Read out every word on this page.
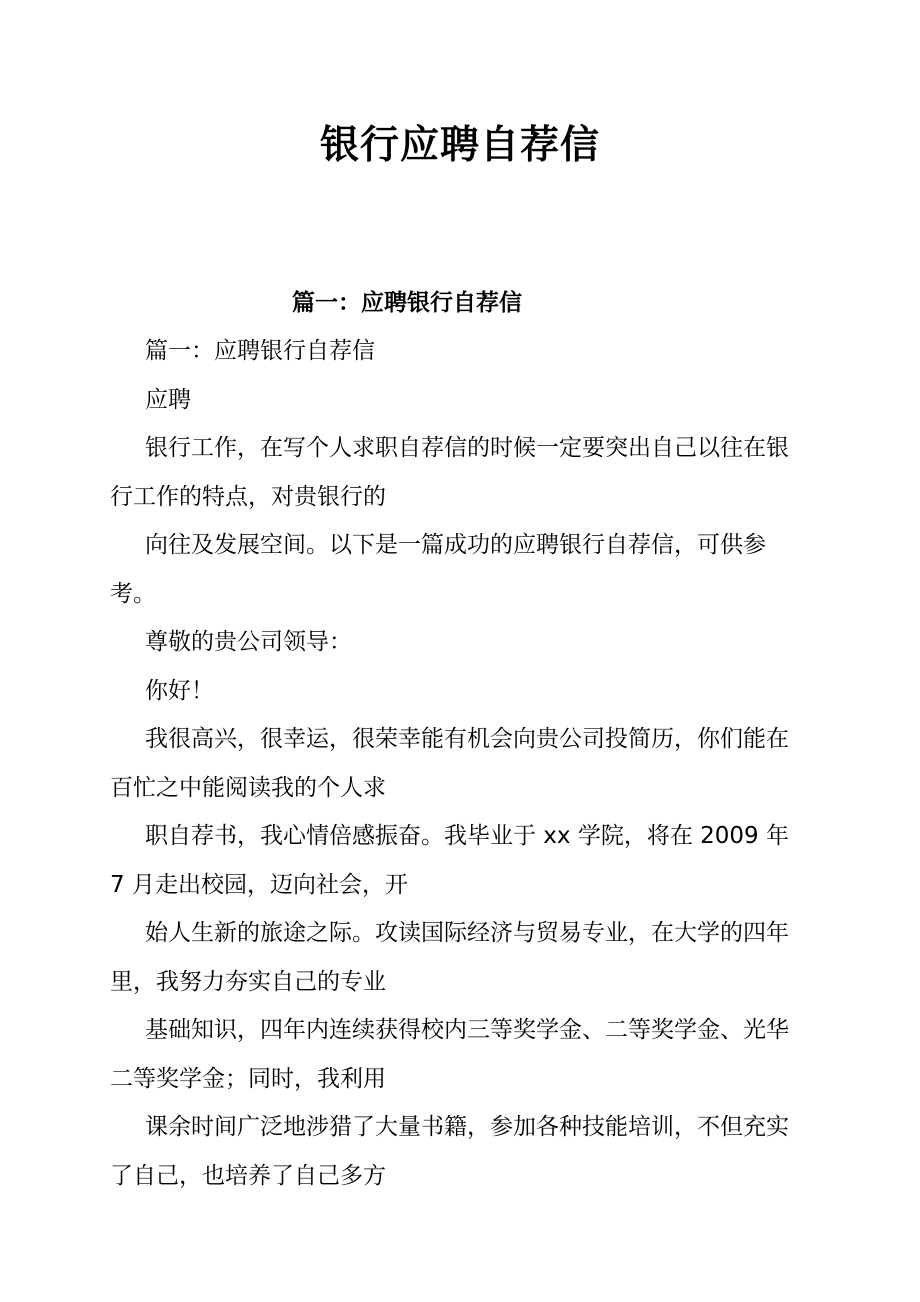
银行应聘自荐信
篇一：应聘银行自荐信

篇一：应聘银行自荐信

应聘

银行工作，在写个人求职自荐信的时候一定要突出自己以往在银行工作的特点，对贵银行的

向往及发展空间。以下是一篇成功的应聘银行自荐信，可供参考。

尊敬的贵公司领导：

你好！

我很高兴，很幸运，很荣幸能有机会向贵公司投简历，你们能在百忙之中能阅读我的个人求

职自荐书，我心情倍感振奋。我毕业于 xx 学院，将在 2009 年 7 月走出校园，迈向社会，开

始人生新的旅途之际。攻读国际经济与贸易专业，在大学的四年里，我努力夯实自己的专业

基础知识，四年内连续获得校内三等奖学金、二等奖学金、光华二等奖学金；同时，我利用

课余时间广泛地涉猎了大量书籍，参加各种技能培训，不但充实了自己，也培养了自己多方
